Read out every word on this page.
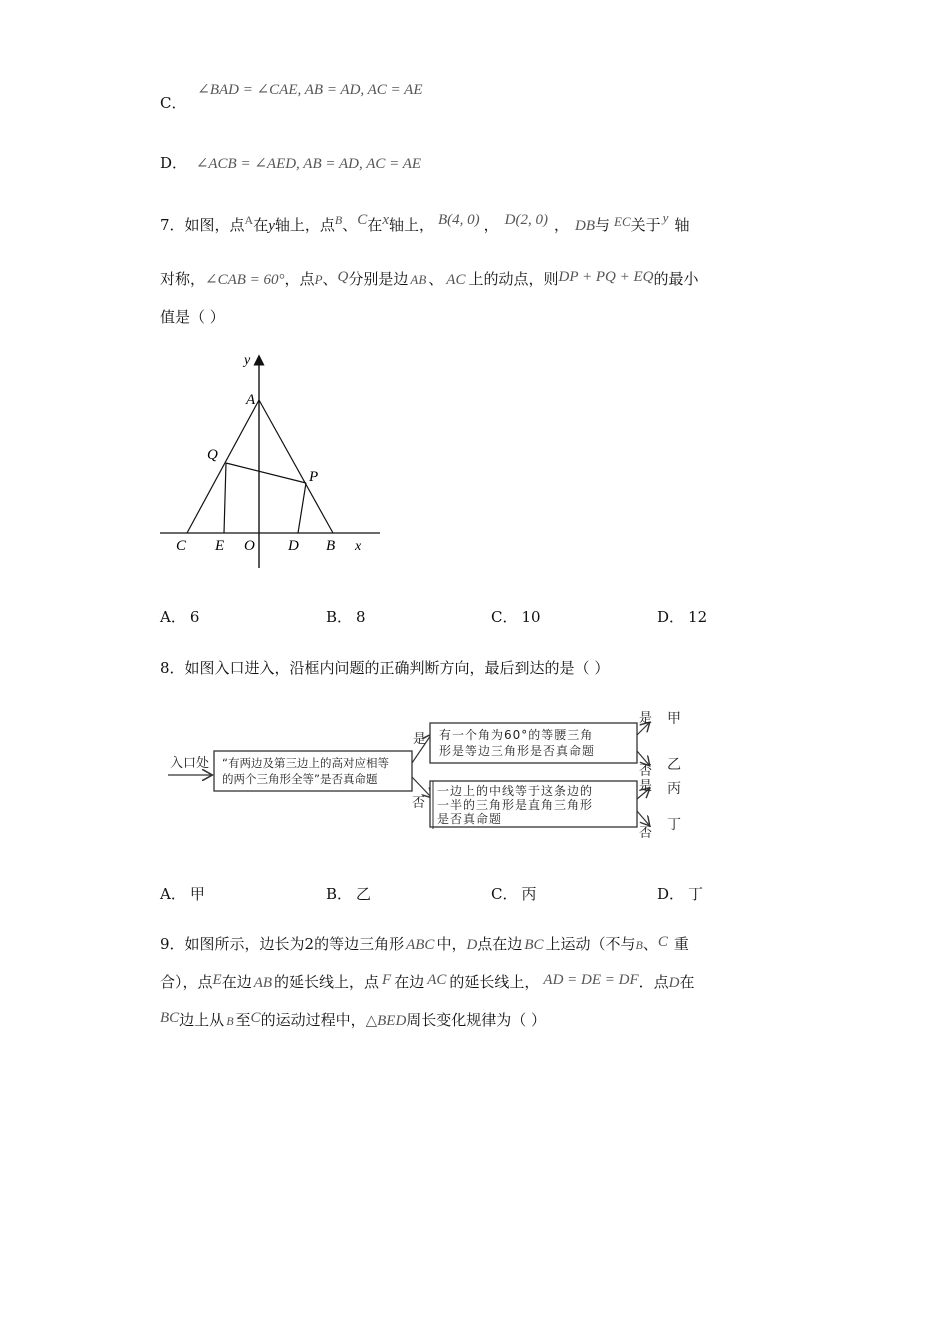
C． ∠BAD = ∠CAE, AB = AD, AC = AE
D． ∠ACB = ∠AED, AB = AD, AC = AE
7．如图，点$^A$在y轴上，点$^B$、C在x轴上， B(4, 0) ， D(2, 0) ， DB与 EC关于 y 轴
对称，∠CAB = 60°，点P、Q分别是边 AB 、 AC 上的动点，则DP + PQ + EQ的最小
值是（ ）
y
A
Q
P
C E O D B x
A． 6	B． 8	C． 10	D． 12
8．如图入口进入，沿框内问题的正确判断方向，最后到达的是（ ）
入口处 “有两边及第三边上的高对应相等
的两个三角形全等”是否真命题
是
否
有一个角为60°的等腰三角
形是等边三角形是否真命题
一边上的中线等于这条边的
一半的三角形是直角三角形
是否真命题
是
否
甲
乙
是
否
丙
丁
A． 甲	B． 乙	C． 丙	D． 丁
9．如图所示，边长为2的等边三角形 ABC 中，D点在边 BC 上运动（不与B、C 重
合），点E在边 AB 的延长线上，点 F 在边 AC 的延长线上， AD = DE = DF．点D在
BC边上从 B 至C的运动过程中，△BED周长变化规律为（ ）
